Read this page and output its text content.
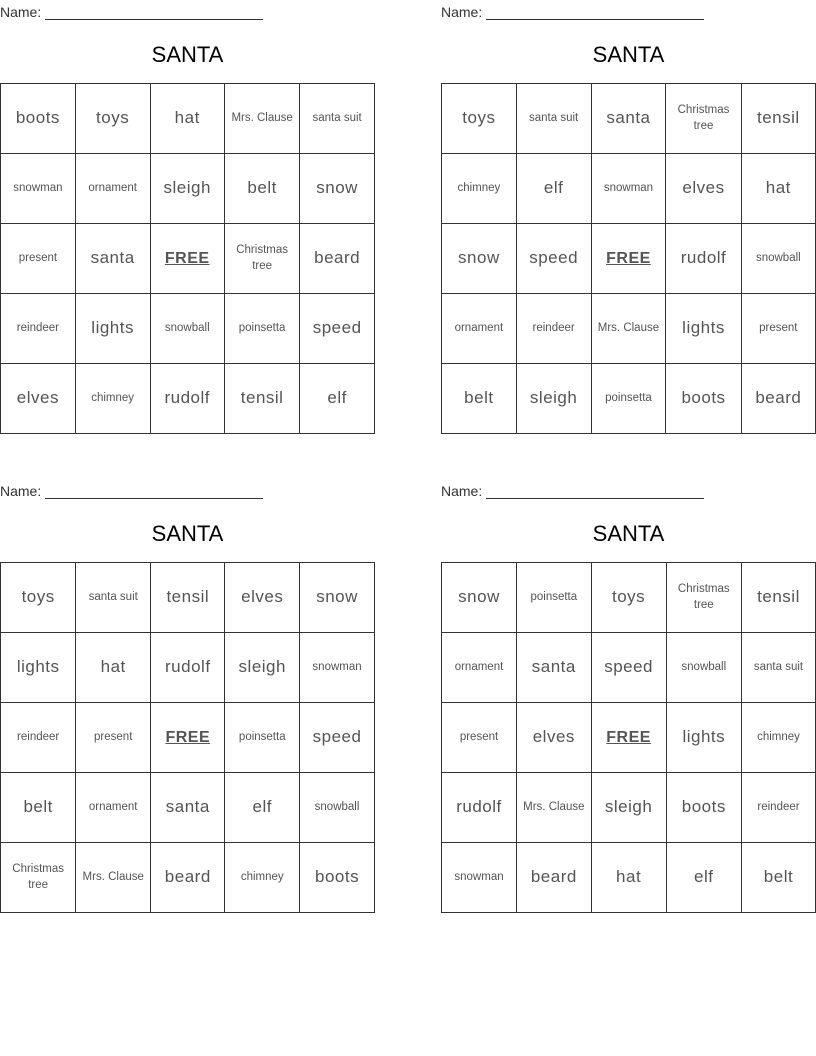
Name:
SANTA
boots	toys	hat	Mrs. Clause	santa suit
snowman	ornament	sleigh	belt	snow
present	santa	FREE	Christmas tree	beard
reindeer	lights	snowball	poinsetta	speed
elves	chimney	rudolf	tensil	elf
Name:
SANTA
toys	santa suit	santa	Christmas tree	tensil
chimney	elf	snowman	elves	hat
snow	speed	FREE	rudolf	snowball
ornament	reindeer	Mrs. Clause	lights	present
belt	sleigh	poinsetta	boots	beard
Name:
SANTA
toys	santa suit	tensil	elves	snow
lights	hat	rudolf	sleigh	snowman
reindeer	present	FREE	poinsetta	speed
belt	ornament	santa	elf	snowball
Christmas tree	Mrs. Clause	beard	chimney	boots
Name:
SANTA
snow	poinsetta	toys	Christmas tree	tensil
ornament	santa	speed	snowball	santa suit
present	elves	FREE	lights	chimney
rudolf	Mrs. Clause	sleigh	boots	reindeer
snowman	beard	hat	elf	belt
